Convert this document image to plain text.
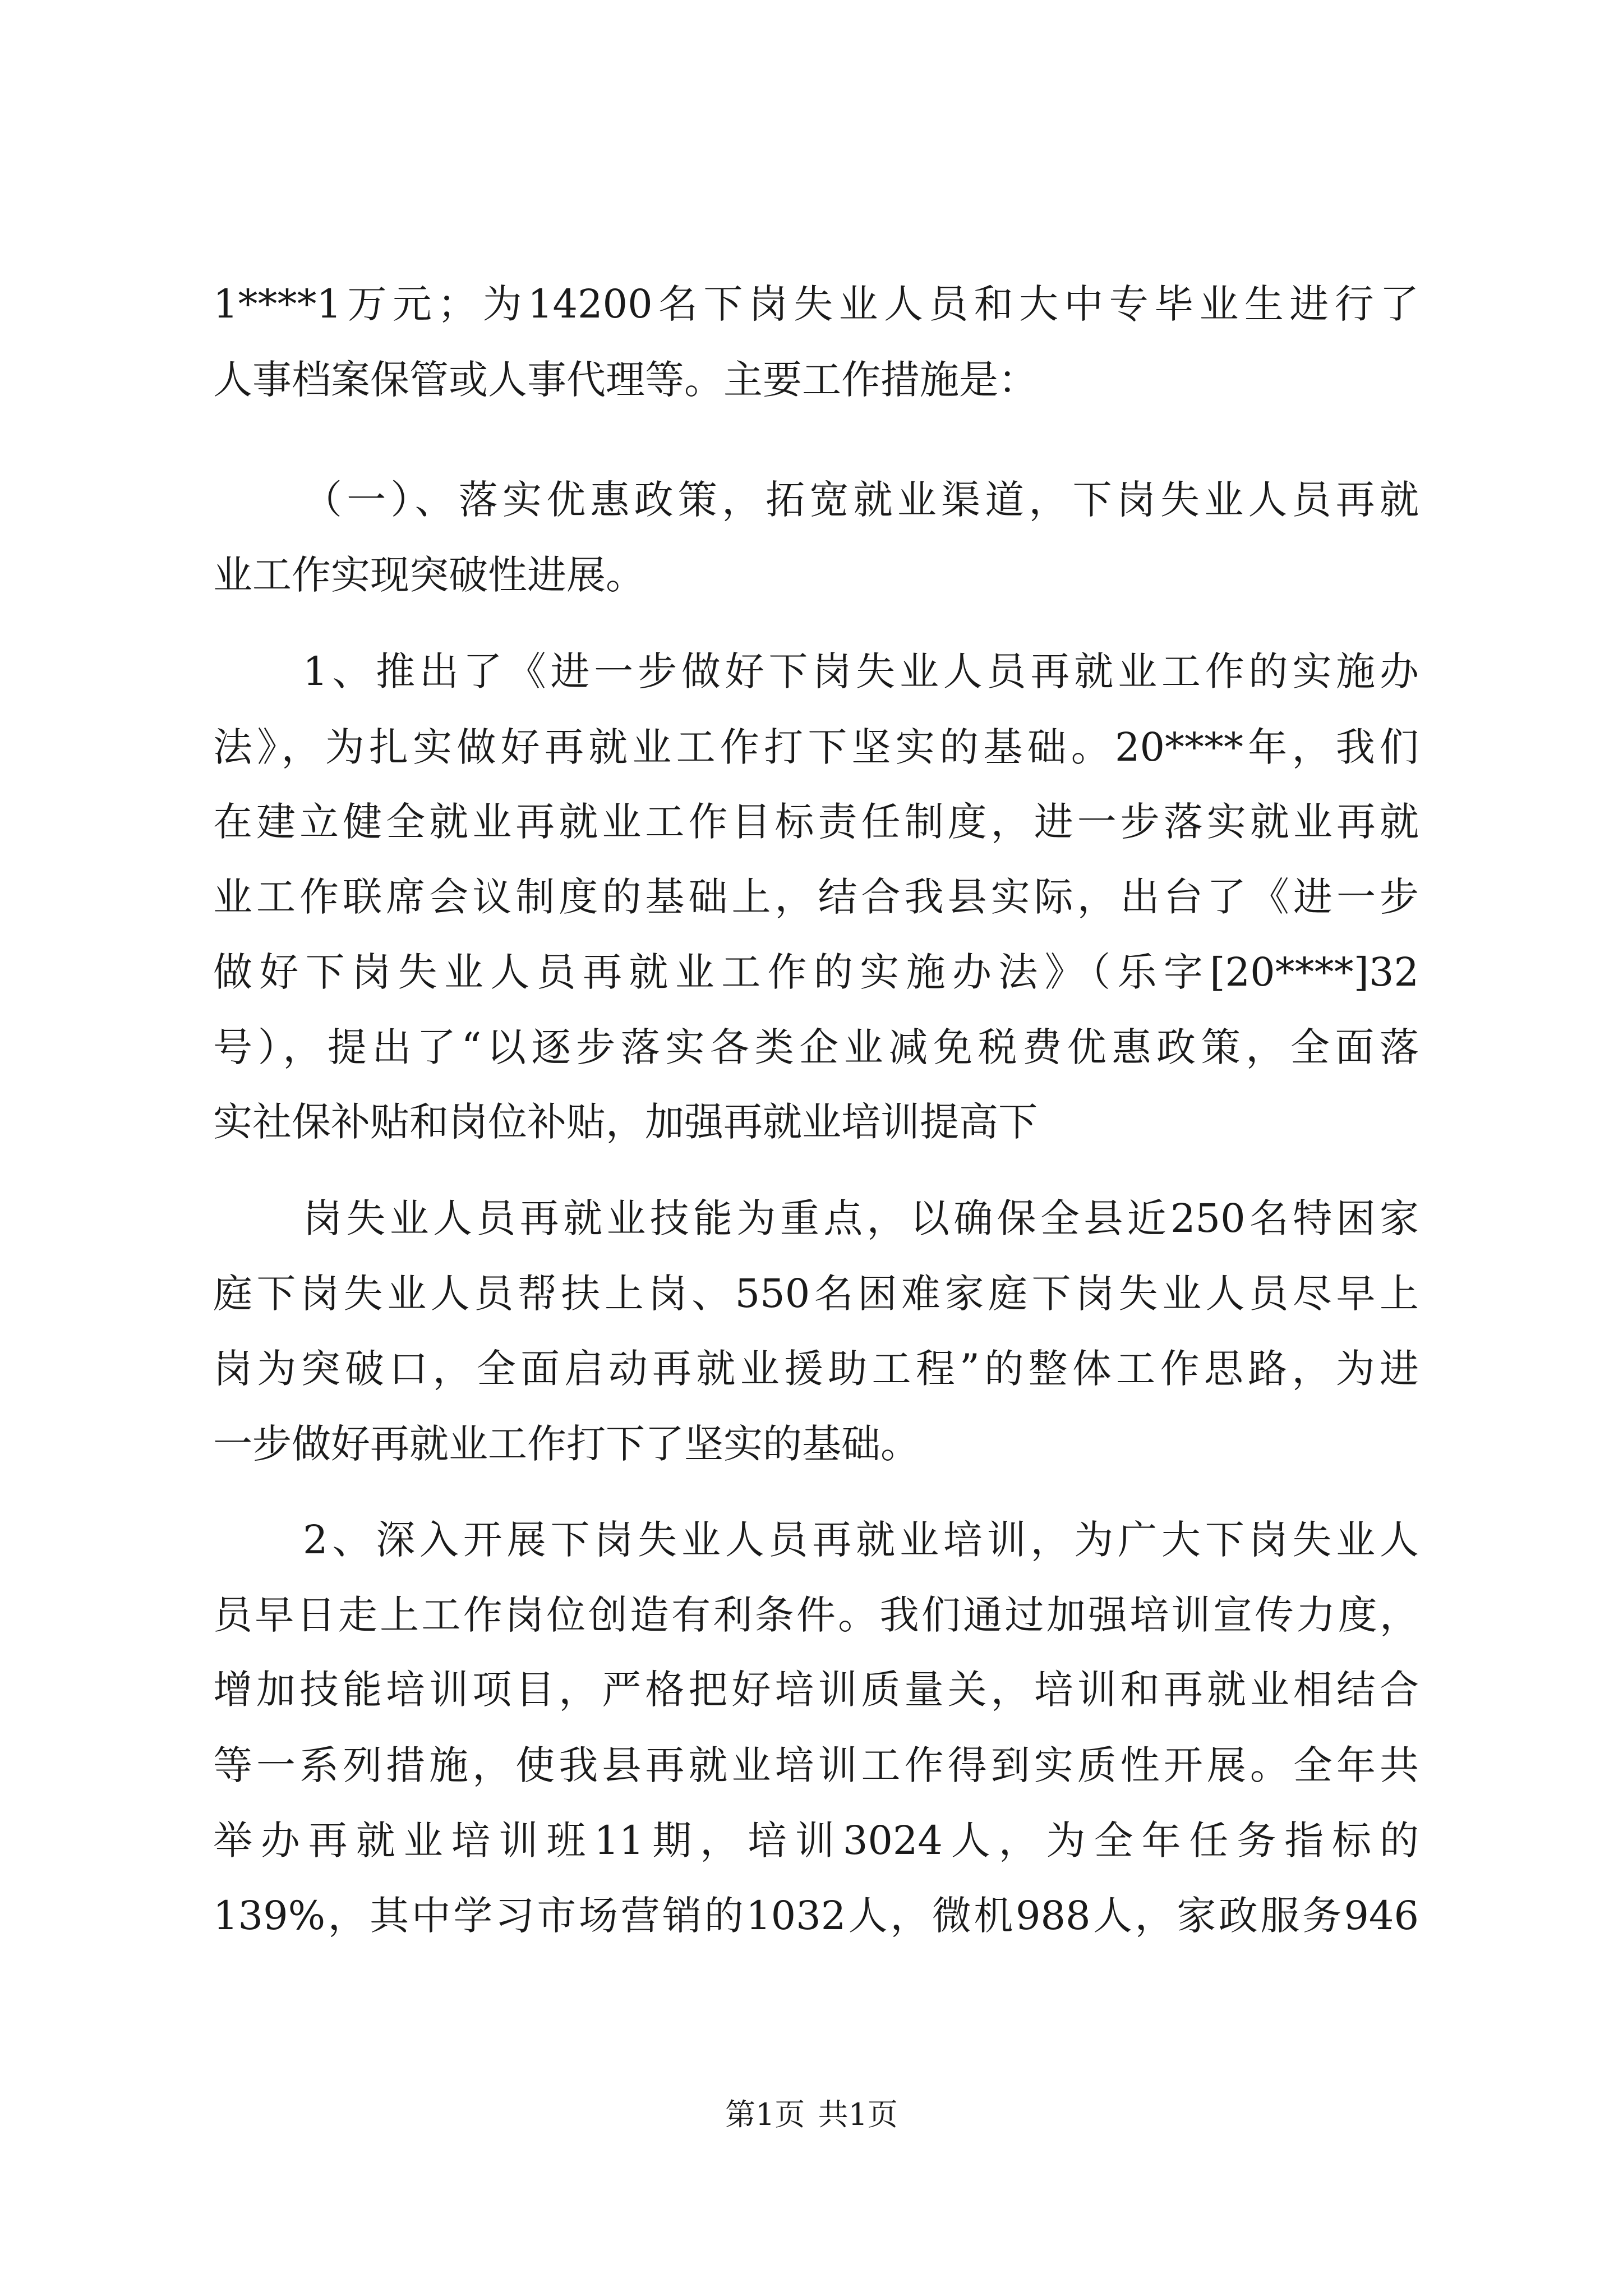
1****1万元；为14200名下岗失业人员和大中专毕业生进行了
人事档案保管或人事代理等。主要工作措施是：
（一）、落实优惠政策，拓宽就业渠道，下岗失业人员再就
业工作实现突破性进展。
1、推出了《进一步做好下岗失业人员再就业工作的实施办
法》，为扎实做好再就业工作打下坚实的基础。20****年，我们
在建立健全就业再就业工作目标责任制度，进一步落实就业再就
业工作联席会议制度的基础上，结合我县实际，出台了《进一步
做好下岗失业人员再就业工作的实施办法》（乐字[20****]32
号），提出了“以逐步落实各类企业减免税费优惠政策，全面落
实社保补贴和岗位补贴，加强再就业培训提高下
岗失业人员再就业技能为重点，以确保全县近250名特困家
庭下岗失业人员帮扶上岗、550名困难家庭下岗失业人员尽早上
岗为突破口，全面启动再就业援助工程”的整体工作思路，为进
一步做好再就业工作打下了坚实的基础。
2、深入开展下岗失业人员再就业培训，为广大下岗失业人
员早日走上工作岗位创造有利条件。我们通过加强培训宣传力度，
增加技能培训项目，严格把好培训质量关，培训和再就业相结合
等一系列措施，使我县再就业培训工作得到实质性开展。全年共
举办再就业培训班11期，培训3024人，为全年任务指标的
139%，其中学习市场营销的1032人，微机988人，家政服务946
第1页 共1页
